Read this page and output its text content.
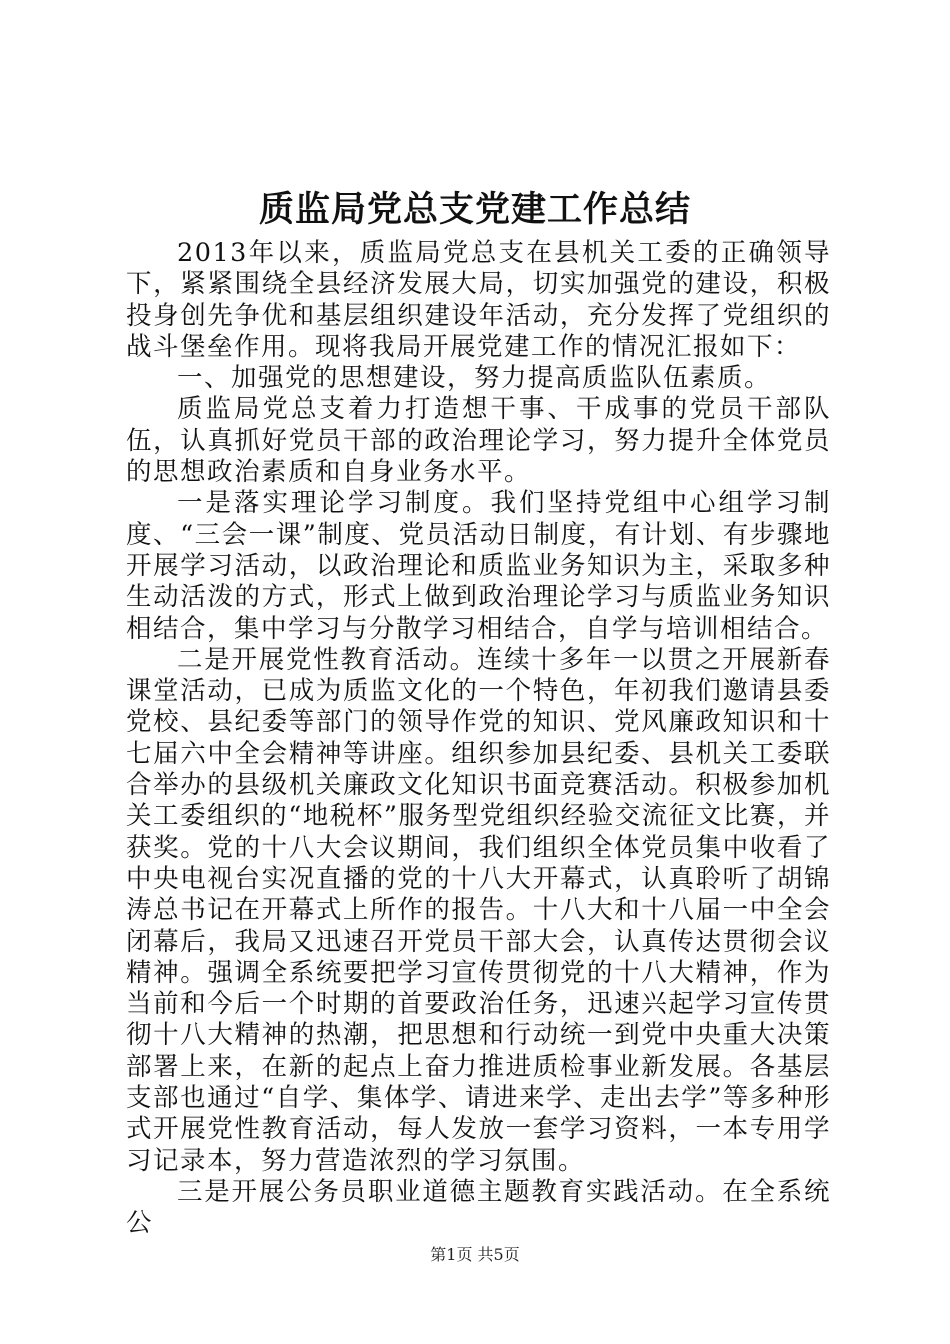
质监局党总支党建工作总结

2013年以来，质监局党总支在县机关工委的正确领导下，紧紧围绕全县经济发展大局，切实加强党的建设，积极投身创先争优和基层组织建设年活动，充分发挥了党组织的战斗堡垒作用。现将我局开展党建工作的情况汇报如下：

一、加强党的思想建设，努力提高质监队伍素质。

质监局党总支着力打造想干事、干成事的党员干部队伍，认真抓好党员干部的政治理论学习，努力提升全体党员的思想政治素质和自身业务水平。

一是落实理论学习制度。我们坚持党组中心组学习制度、“三会一课”制度、党员活动日制度，有计划、有步骤地开展学习活动，以政治理论和质监业务知识为主，采取多种生动活泼的方式，形式上做到政治理论学习与质监业务知识相结合，集中学习与分散学习相结合，自学与培训相结合。

二是开展党性教育活动。连续十多年一以贯之开展新春课堂活动，已成为质监文化的一个特色，年初我们邀请县委党校、县纪委等部门的领导作党的知识、党风廉政知识和十七届六中全会精神等讲座。组织参加县纪委、县机关工委联合举办的县级机关廉政文化知识书面竞赛活动。积极参加机关工委组织的“地税杯”服务型党组织经验交流征文比赛，并获奖。党的十八大会议期间，我们组织全体党员集中收看了中央电视台实况直播的党的十八大开幕式，认真聆听了胡锦涛总书记在开幕式上所作的报告。十八大和十八届一中全会闭幕后，我局又迅速召开党员干部大会，认真传达贯彻会议精神。强调全系统要把学习宣传贯彻党的十八大精神，作为当前和今后一个时期的首要政治任务，迅速兴起学习宣传贯彻十八大精神的热潮，把思想和行动统一到党中央重大决策部署上来，在新的起点上奋力推进质检事业新发展。各基层支部也通过“自学、集体学、请进来学、走出去学”等多种形式开展党性教育活动，每人发放一套学习资料，一本专用学习记录本，努力营造浓烈的学习氛围。

三是开展公务员职业道德主题教育实践活动。在全系统公

第1页 共5页
